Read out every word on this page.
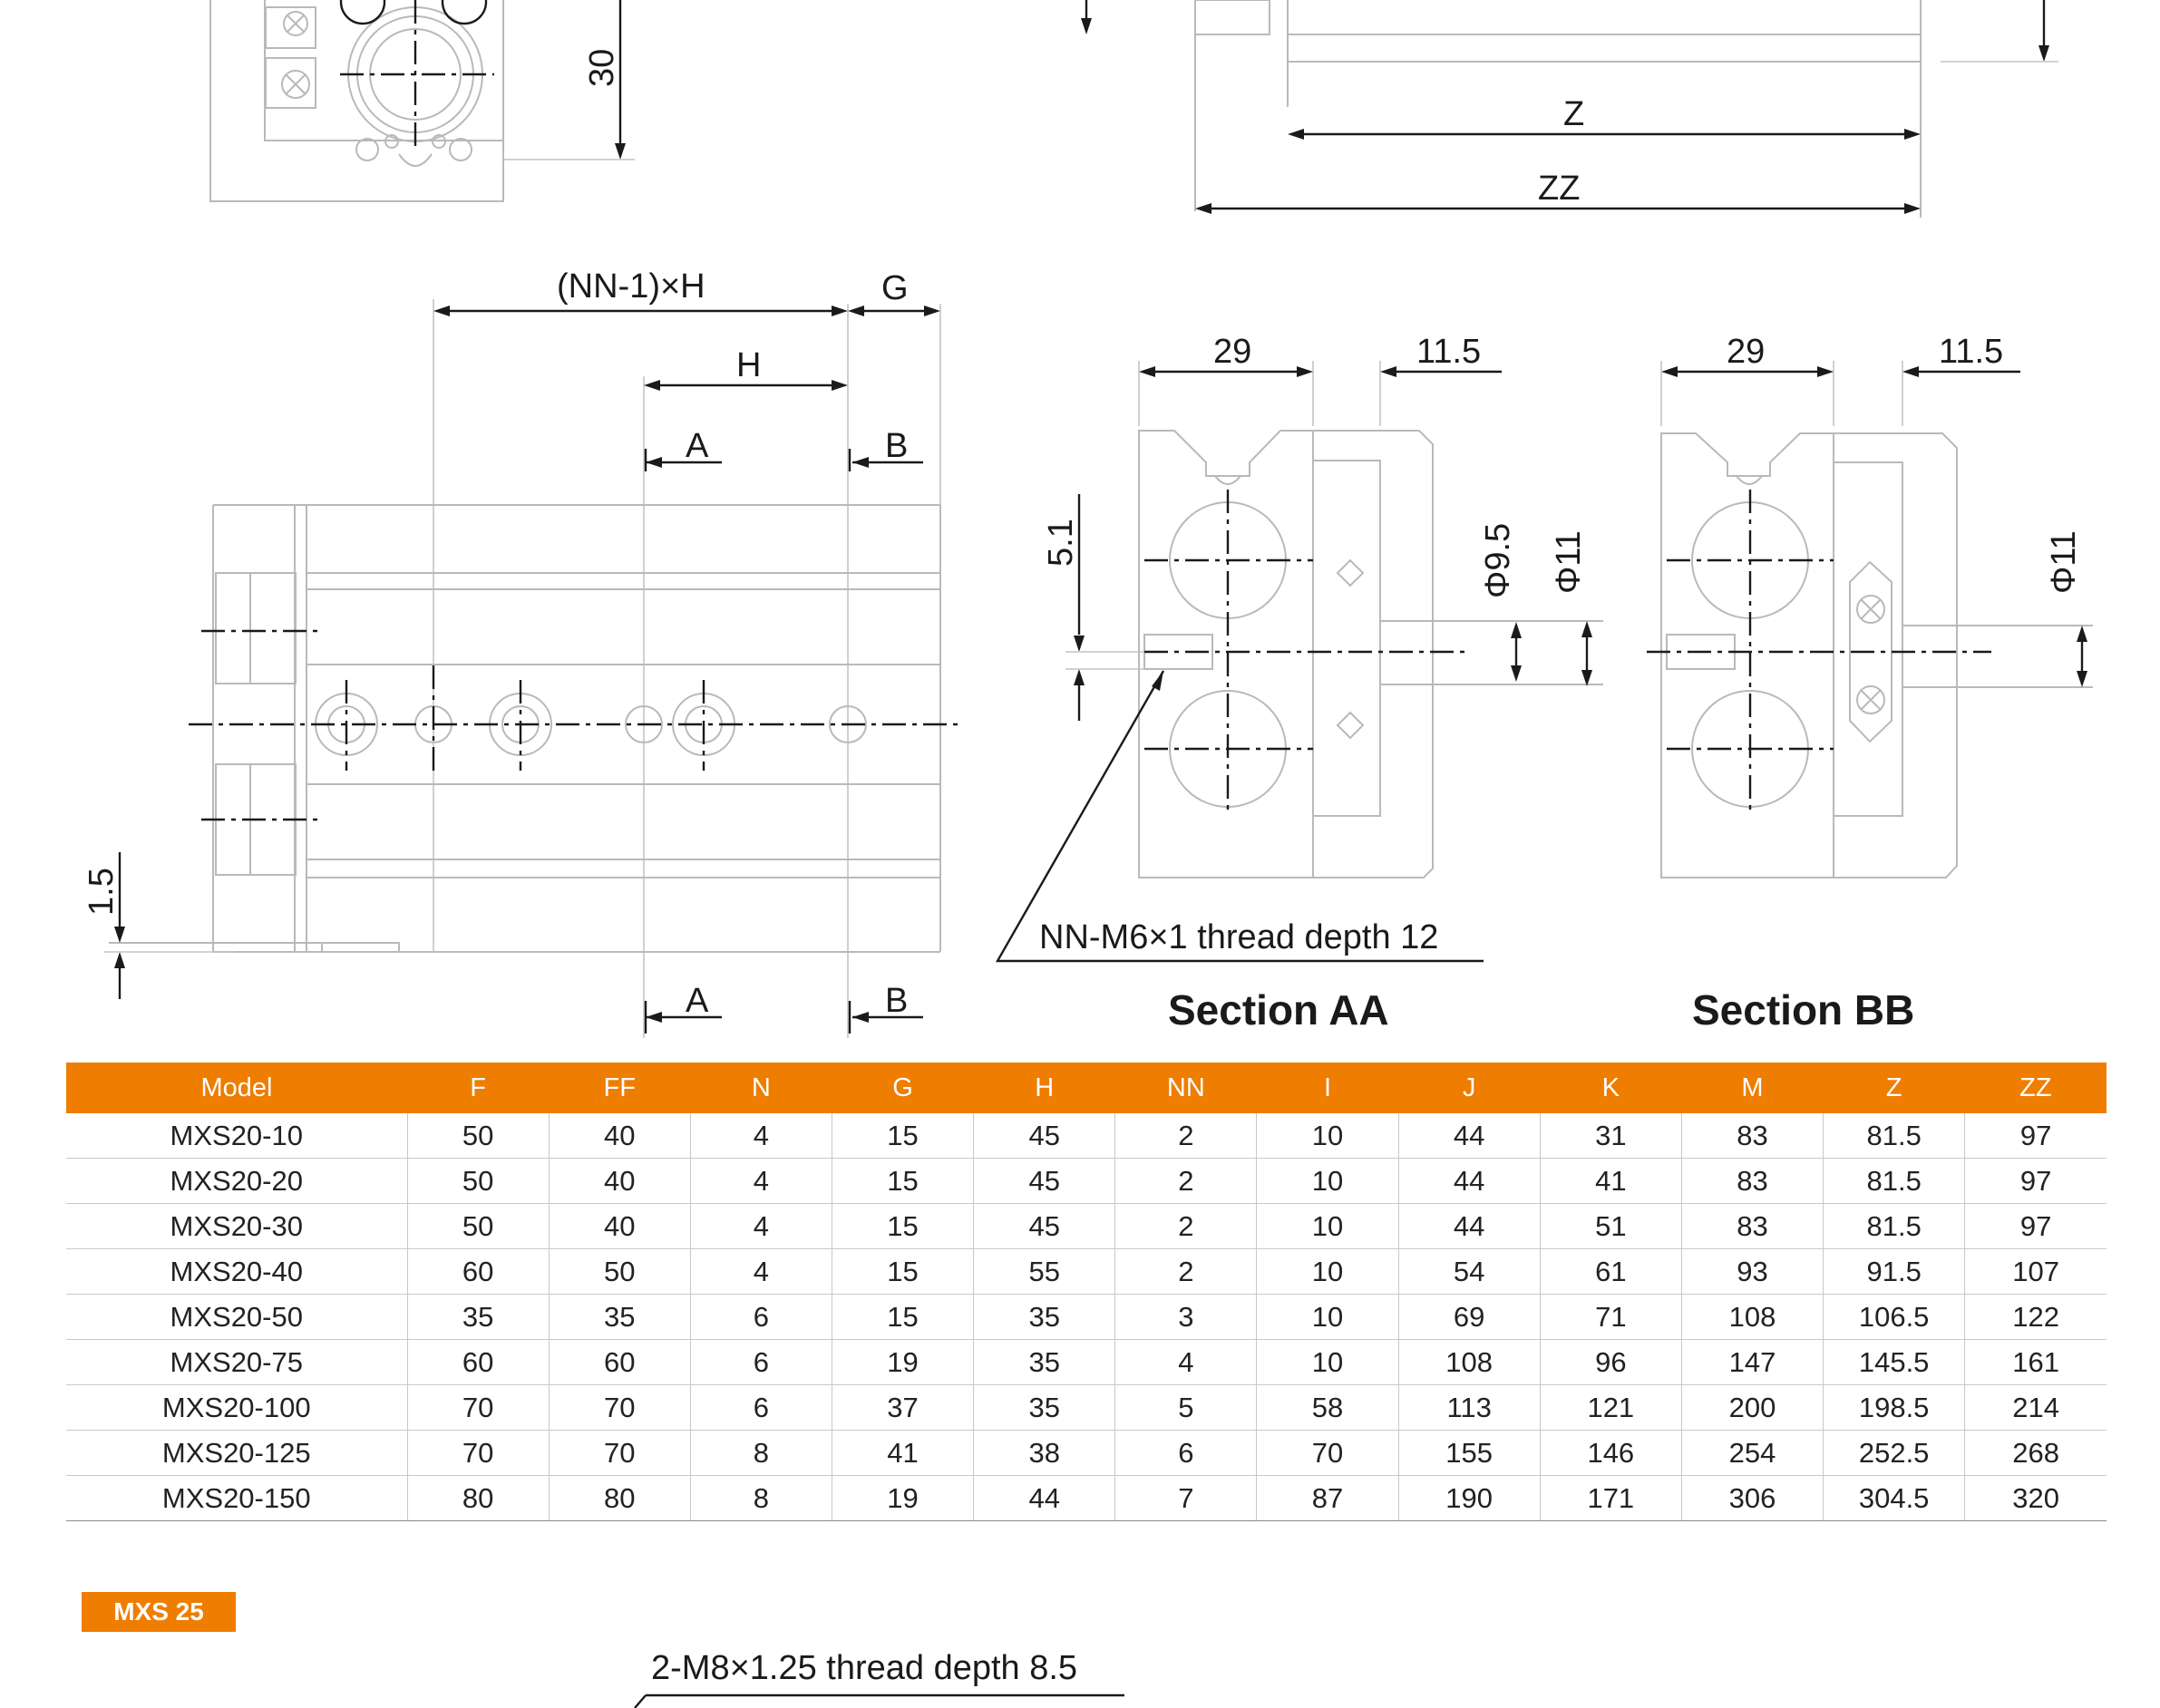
30
Z
ZZ
(NN-1)×H	G
H
A	B
1.5
A	B
29	11.5
5.1	Φ9.5 Φ11
NN-M6×1 thread depth 12
Section AA
29	11.5
Φ11
Section BB
Model	F	FF	N	G	H	NN	I	J	K	M	Z	ZZ
MXS20-10	50	40	4	15	45	2	10	44	31	83	81.5	97
MXS20-20	50	40	4	15	45	2	10	44	41	83	81.5	97
MXS20-30	50	40	4	15	45	2	10	44	51	83	81.5	97
MXS20-40	60	50	4	15	55	2	10	54	61	93	91.5	107
MXS20-50	35	35	6	15	35	3	10	69	71	108	106.5	122
MXS20-75	60	60	6	19	35	4	10	108	96	147	145.5	161
MXS20-100	70	70	6	37	35	5	58	113	121	200	198.5	214
MXS20-125	70	70	8	41	38	6	70	155	146	254	252.5	268
MXS20-150	80	80	8	19	44	7	87	190	171	306	304.5	320
MXS 25
2-M8×1.25 thread depth 8.5
